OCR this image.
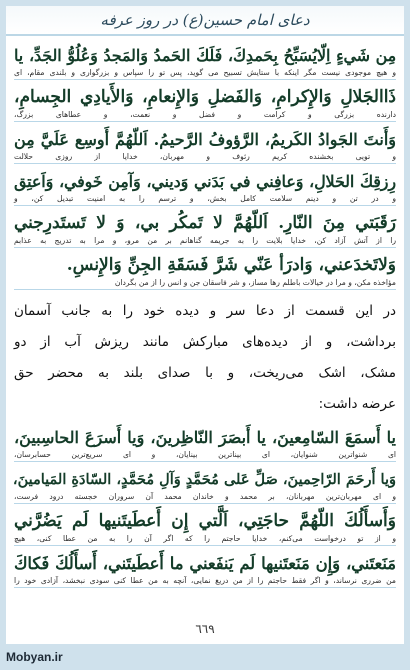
دعای امام حسین(ع) در روز عرفه
مِن شَيءٍ اِلّايُسَبِّحُ بِحَمدِكَ، فَلَكَ الحَمدُ وَالمَجدُ وَعُلُوُّ الجَدِّ، يا
و هيچ موجودى نيست مگر اينكه با ستايش تسبيح مى گويد، پس تو را سپاس و بزرگوارى و بلندى مقام، اى
ذَاالجَلالِ وَالإِكرامِ، وَالفَضلِ وَالإِنعامِ، وَالأَيادِي الجِسامِ،
دارنده بزرگى و كرامت و فضل و نعمت، و عطاهاى بزرگ،
وَأَنتَ الجَوادُ الكَريمُ، الرَّؤوفُ الرَّحيمُ. اَللّهُمَّ أَوسِع عَلَيَّ مِن
و تويى بخشنده كريم رئوف و مهربان، خدايا از روزى حلالت
رِزقِكَ الحَلالِ، وَعافِني في بَدَني وَديني، وَآمِن خَوفي، وَاَعتِق
و در تن و دينم سلامت كامل بخش، و ترسم را به امنيت تبديل كن، و
رَقَبَتي مِنَ النّارِ. اَللّهُمَّ لا تَمكُر بي، وَ لا تَستَدرِجني
را از آتش آزاد كن، خدايا بلايت را به جريمه گناهانم بر من مرو، و مرا به تدريج به عذابم
وَلاتَخدَعني، وَادرَأ عَنّي شَرَّ فَسَقَةِ الجِنِّ وَالإِنسِ.
مؤاخذه مكن، و مرا در خيالات باطلم رها مساز، و شر فاسقان جن و انس را از من بگردان
در اين قسمت از دعا سر و ديده خود را به جانب آسمان
برداشت، و از ديده‌هاى مباركش مانند ريزش آب از دو
مشک، اشک می‌ريخت، و با صداى بلند به محضر حق
عرضه داشت:
يا أَسمَعَ السّامِعينَ، يا أَبصَرَ النّاظِرينَ، وَيا أَسرَعَ الحاسِبينَ،
اى شنواترين شنوايان، اى بيناترين بينايان، و اى سريع‌ترين حسابرسان،
وَيا أَرحَمَ الرّاحِمينَ، صَلِّ عَلى مُحَمَّدٍ وَآلِ مُحَمَّدٍ، السّادَةِ المَيامينَ،
و اى مهربان‌ترين مهربانان، بر محمد و خاندان محمد آن سروران خجسته درود فرست،
وَأَسأَلُكَ اللّهُمَّ حاجَتِي، اَلَّتي إِن أَعطَيتَنيها لَم يَضُرَّني
و از تو درخواست مى‌كنم، خدايا حاجتم را كه اگر آن را به من عطا كنى، هيچ
مَنَعتَني، وَإِن مَنَعتَنيها لَم يَنفَعني ما أَعطَيتَني، أَسأَلُكَ فَكاكَ
من ضررى نرساند، و اگر فقط حاجتم را از من دريغ نمايى، آنچه به من عطا كنى سودى نبخشد، آزادى خود را
٦٦٩
Mobyan.ir
